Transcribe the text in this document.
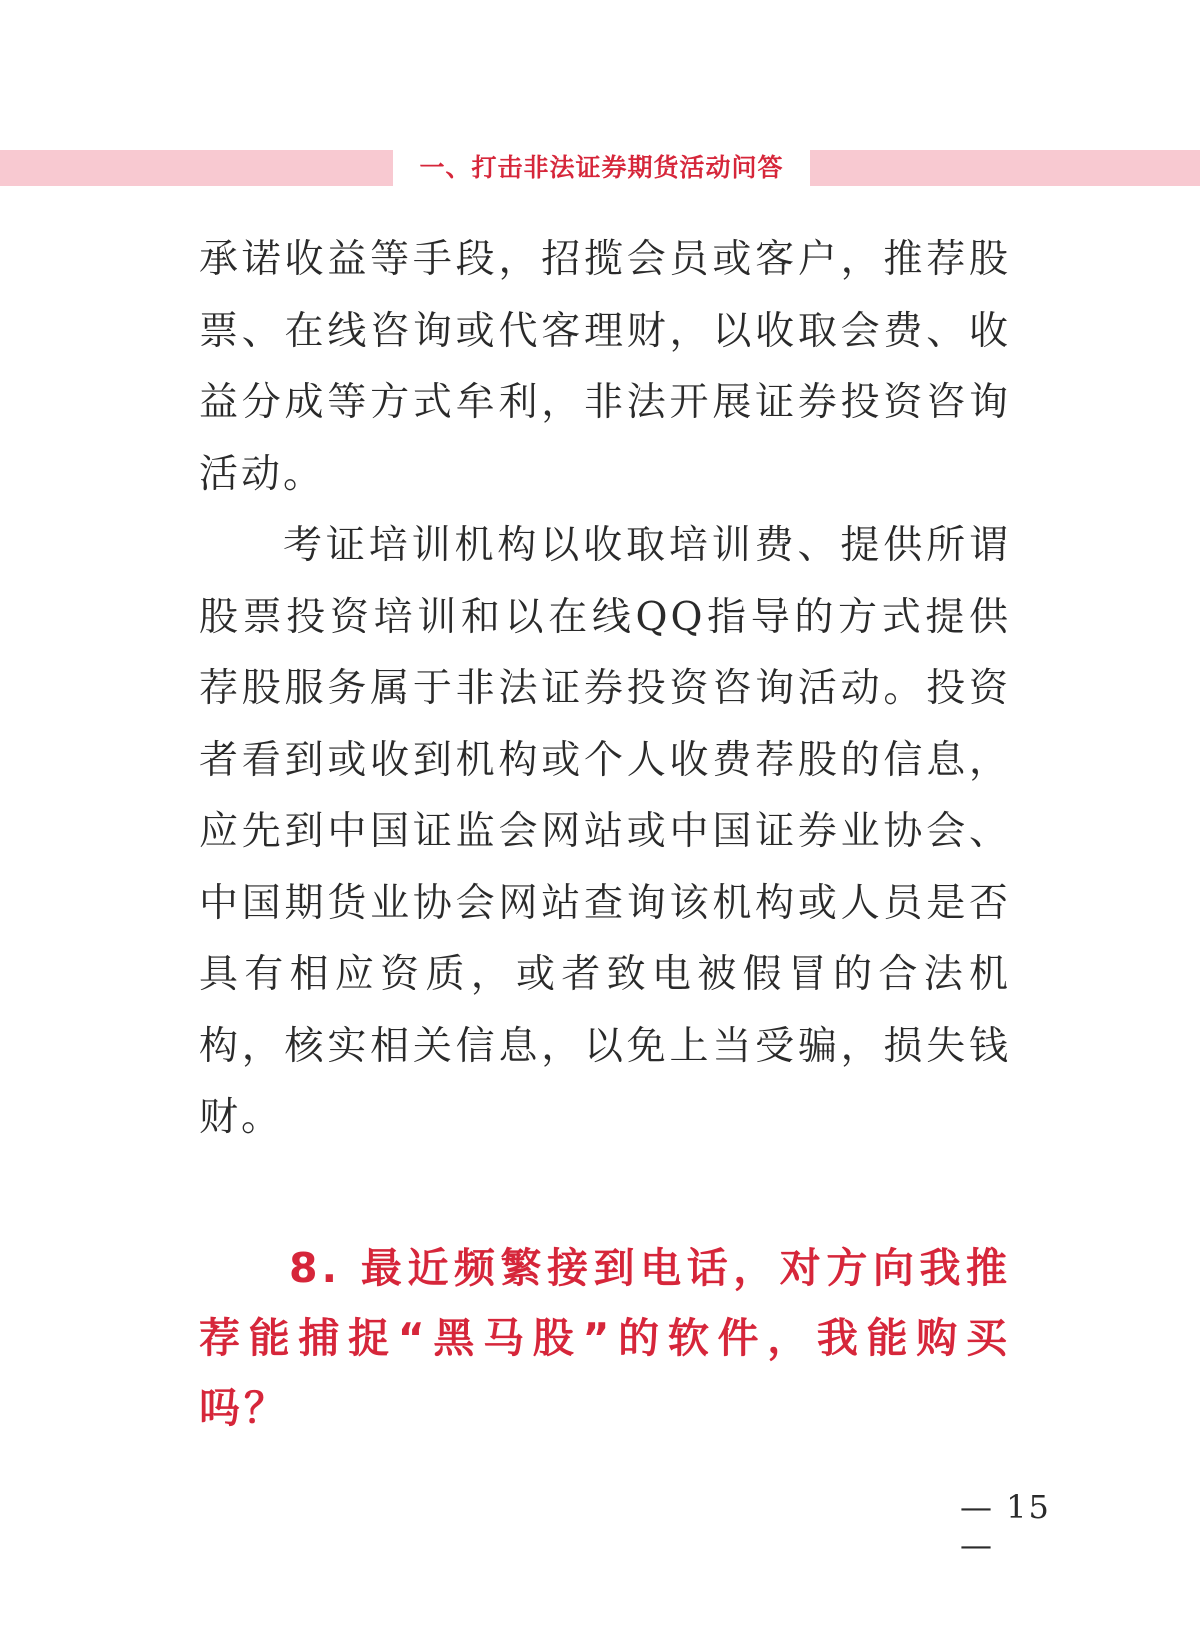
一、打击非法证券期货活动问答

承诺收益等手段，招揽会员或客户，推荐股票、在线咨询或代客理财，以收取会费、收益分成等方式牟利，非法开展证券投资咨询活动。

考证培训机构以收取培训费、提供所谓股票投资培训和以在线QQ指导的方式提供荐股服务属于非法证券投资咨询活动。投资者看到或收到机构或个人收费荐股的信息，应先到中国证监会网站或中国证券业协会、中国期货业协会网站查询该机构或人员是否具有相应资质，或者致电被假冒的合法机构，核实相关信息，以免上当受骗，损失钱财。

8. 最近频繁接到电话，对方向我推荐能捕捉“黑马股”的软件，我能购买吗？

— 15 —
